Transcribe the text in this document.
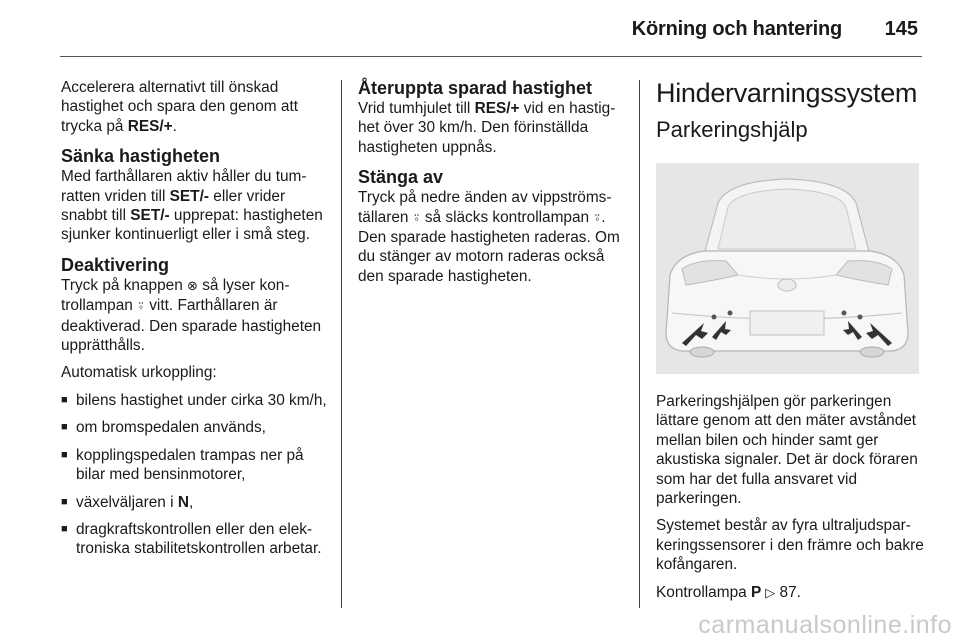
Körning och hantering 145

Accelerera alternativt till önskad hastighet och spara den genom att trycka på RES/+.

Sänka hastigheten

Med farthållaren aktiv håller du tumratten vriden till SET/- eller vrider snabbt till SET/- upprepat: hastigheten sjunker kontinuerligt eller i små steg.

Deaktivering

Tryck på knappen ⊗ så lyser kontrollampan ⍤ vitt. Farthållaren är deaktiverad. Den sparade hastigheten upprätthålls.

Automatisk urkoppling:

■ bilens hastighet under cirka 30 km/h,
■ om bromspedalen används,
■ kopplingspedalen trampas ner på bilar med bensinmotorer,
■ växelväljaren i N,
■ dragkraftskontrollen eller den elektroniska stabilitetskontrollen arbetar.
Återuppta sparad hastighet

Vrid tumhjulet till RES/+ vid en hastighet över 30 km/h. Den förinställda hastigheten uppnås.

Stänga av

Tryck på nedre änden av vippströmställaren ⍤ så släcks kontrollampan ⍤. Den sparade hastigheten raderas. Om du stänger av motorn raderas också den sparade hastigheten.

Hindervarningssystem
Parkeringshjälp

Parkeringshjälpen gör parkeringen lättare genom att den mäter avståndet mellan bilen och hinder samt ger akustiska signaler. Det är dock föraren som har det fulla ansvaret vid parkeringen.

Systemet består av fyra ultraljudsparkeringssensorer i den främre och bakre kofångaren.

Kontrollampa P ▷ 87.

carmanualsonline.info
